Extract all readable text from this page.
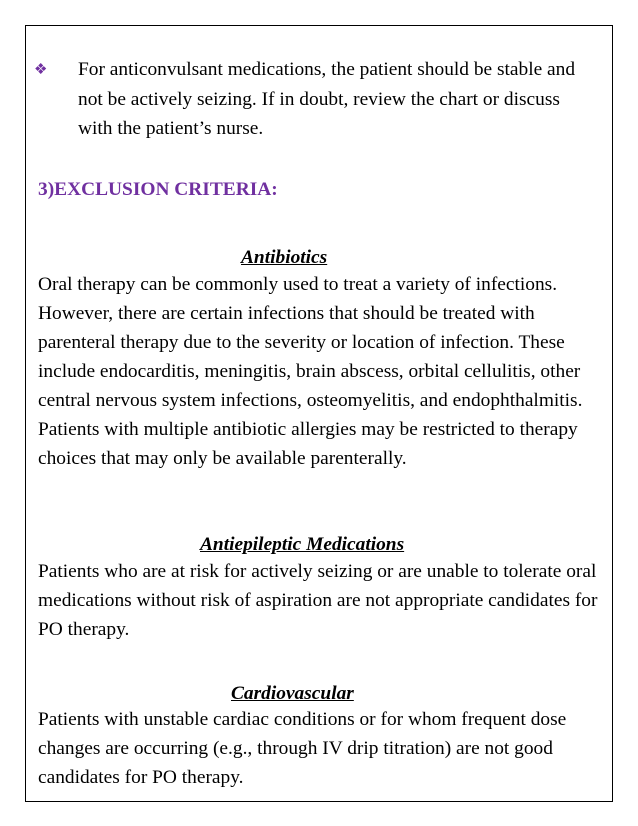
❖ For anticonvulsant medications, the patient should be stable and not be actively seizing. If in doubt, review the chart or discuss with the patient’s nurse.
3)EXCLUSION CRITERIA:
Antibiotics
Oral therapy can be commonly used to treat a variety of infections. However, there are certain infections that should be treated with parenteral therapy due to the severity or location of infection. These include endocarditis, meningitis, brain abscess, orbital cellulitis, other central nervous system infections, osteomyelitis, and endophthalmitis. Patients with multiple antibiotic allergies may be restricted to therapy choices that may only be available parenterally.
Antiepileptic Medications
Patients who are at risk for actively seizing or are unable to tolerate oral medications without risk of aspiration are not appropriate candidates for PO therapy.
Cardiovascular
Patients with unstable cardiac conditions or for whom frequent dose changes are occurring (e.g., through IV drip titration) are not good candidates for PO therapy.
